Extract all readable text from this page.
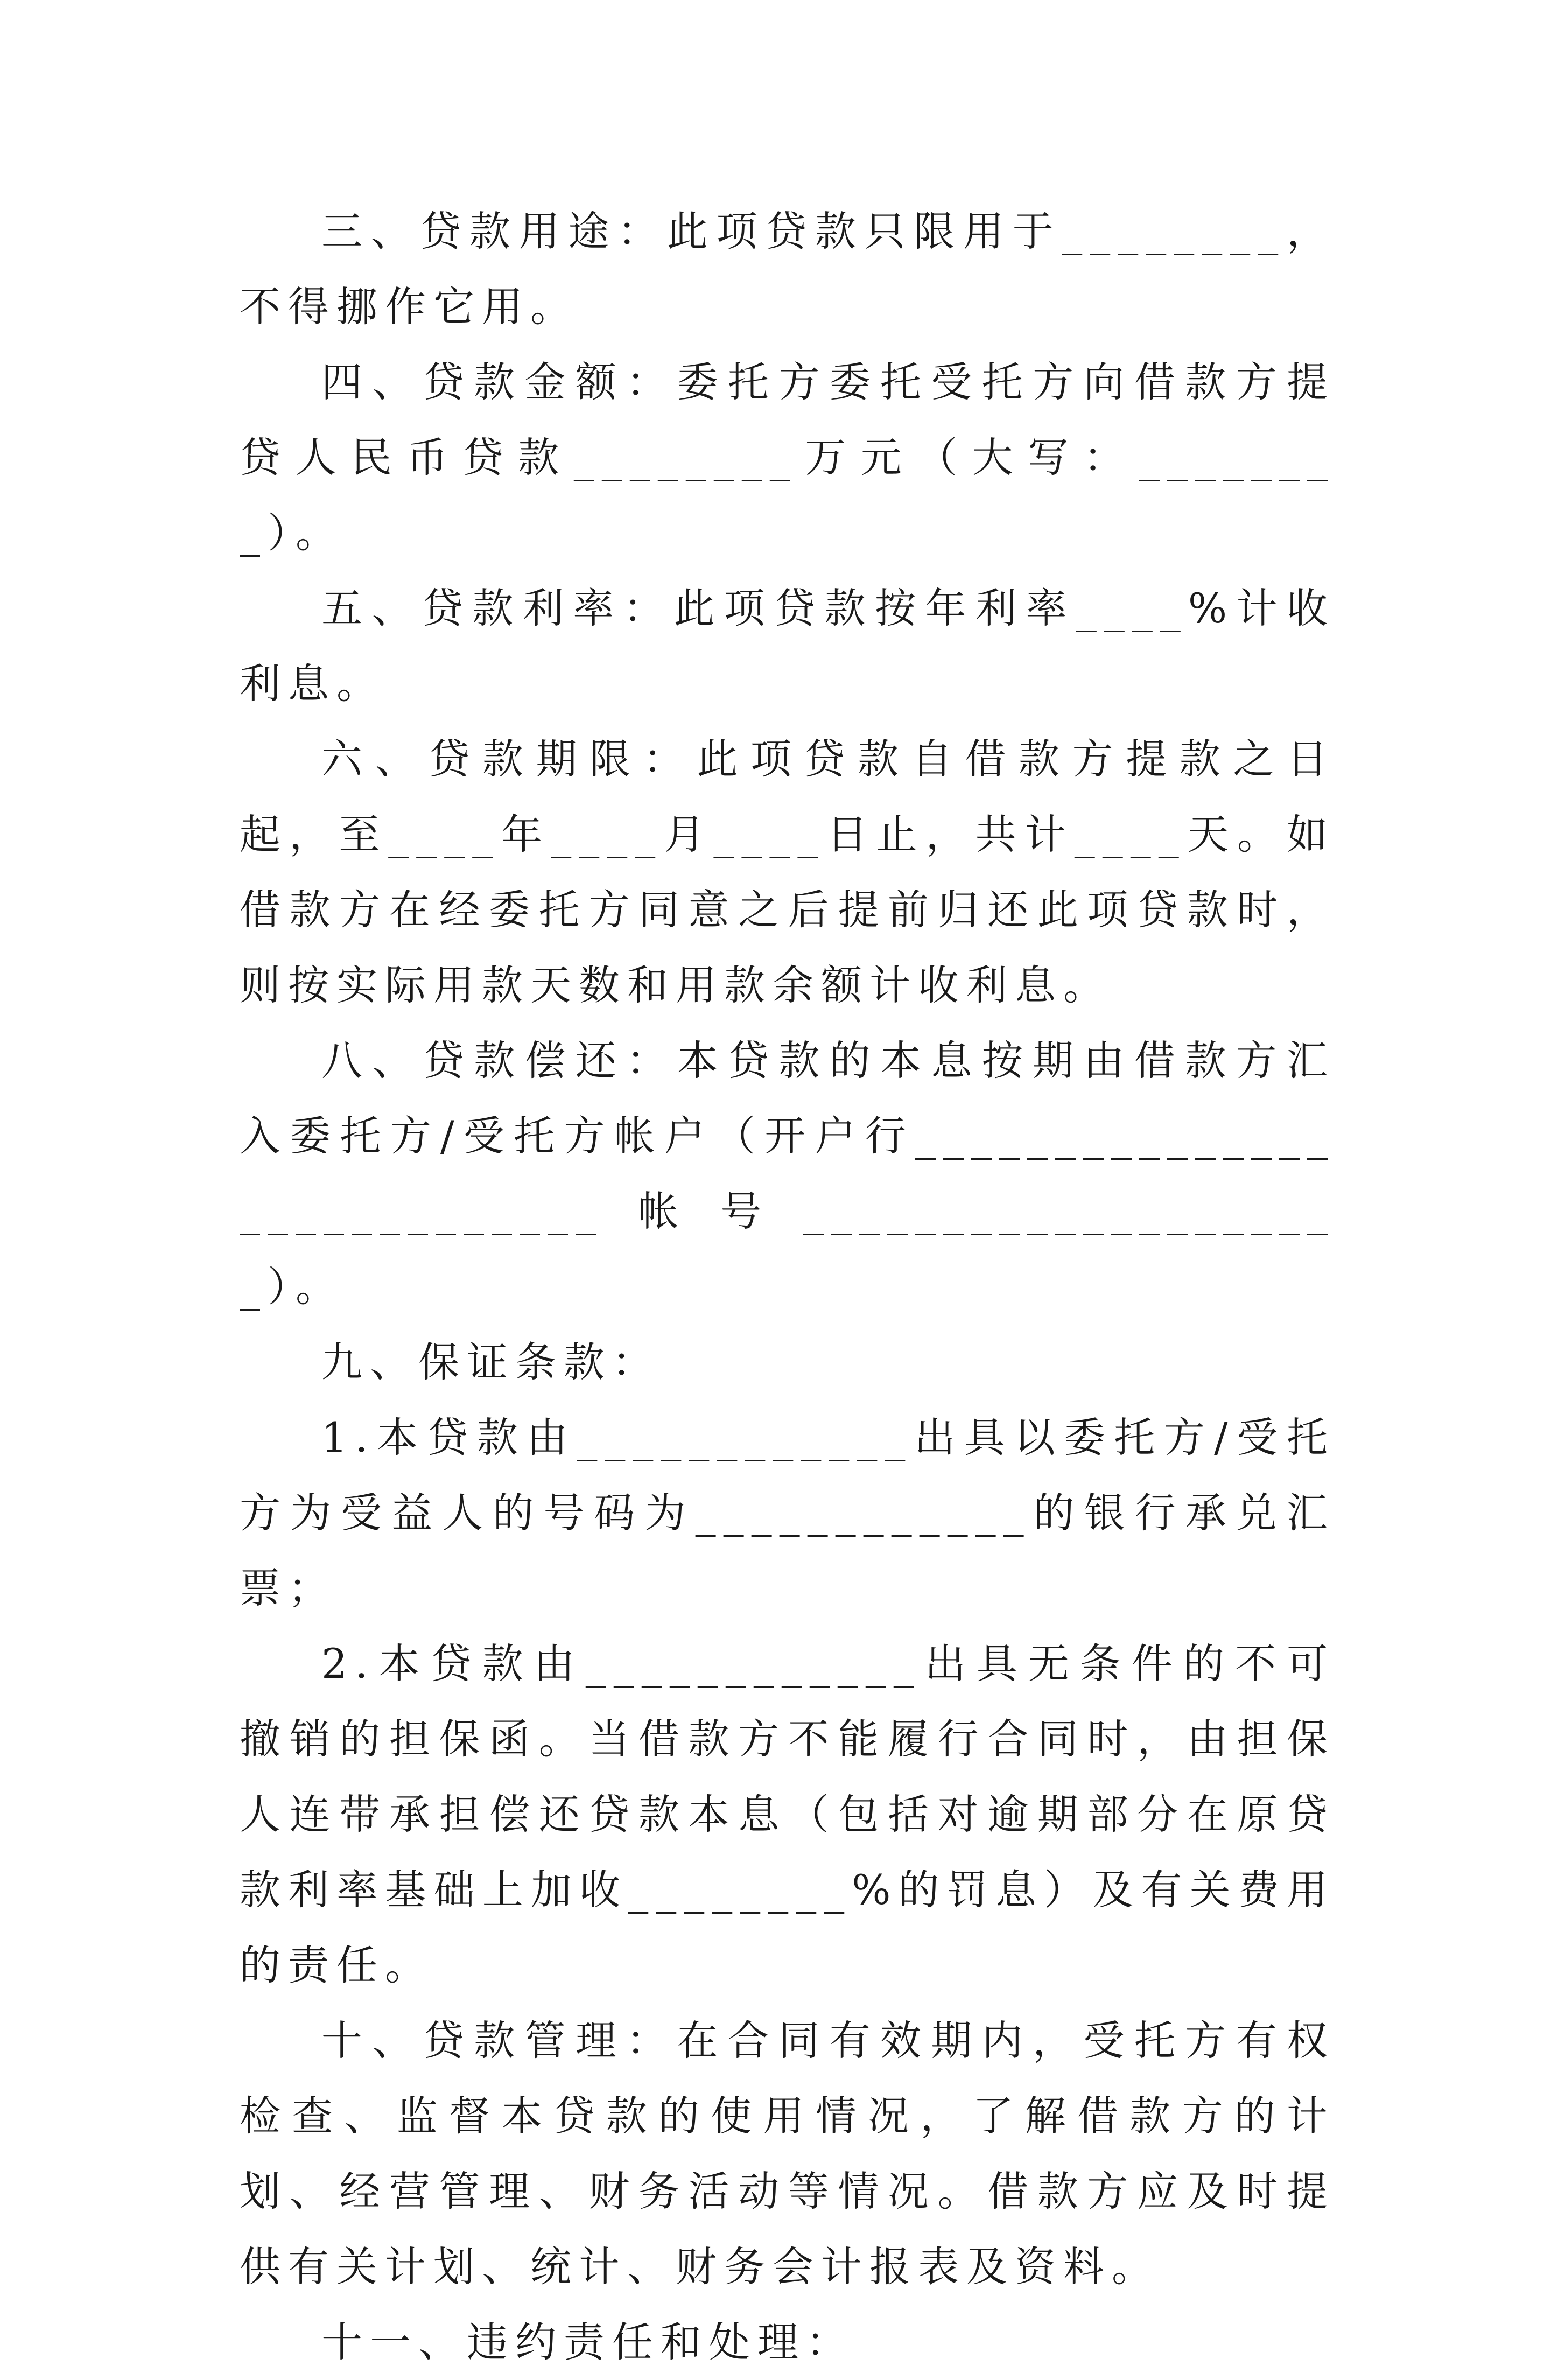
三、贷款用途：此项贷款只限用于________，不得挪作它用。

四、贷款金额：委托方委托受托方向借款方提贷人民币贷款________万元（大写：________）。

五、贷款利率：此项贷款按年利率____%计收利息。

六、贷款期限：此项贷款自借款方提款之日起，至____年____月____日止，共计____天。如借款方在经委托方同意之后提前归还此项贷款时，则按实际用款天数和用款余额计收利息。

八、贷款偿还：本贷款的本息按期由借款方汇入委托方/受托方帐户（开户行____________________________帐号____________________）。

九、保证条款：

1.本贷款由____________出具以委托方/受托方为受益人的号码为____________的银行承兑汇票；

2.本贷款由____________出具无条件的不可撤销的担保函。当借款方不能履行合同时，由担保人连带承担偿还贷款本息（包括对逾期部分在原贷款利率基础上加收________%的罚息）及有关费用的责任。

十、贷款管理：在合同有效期内，受托方有权检查、监督本贷款的使用情况，了解借款方的计划、经营管理、财务活动等情况。借款方应及时提供有关计划、统计、财务会计报表及资料。

十一、违约责任和处理：
